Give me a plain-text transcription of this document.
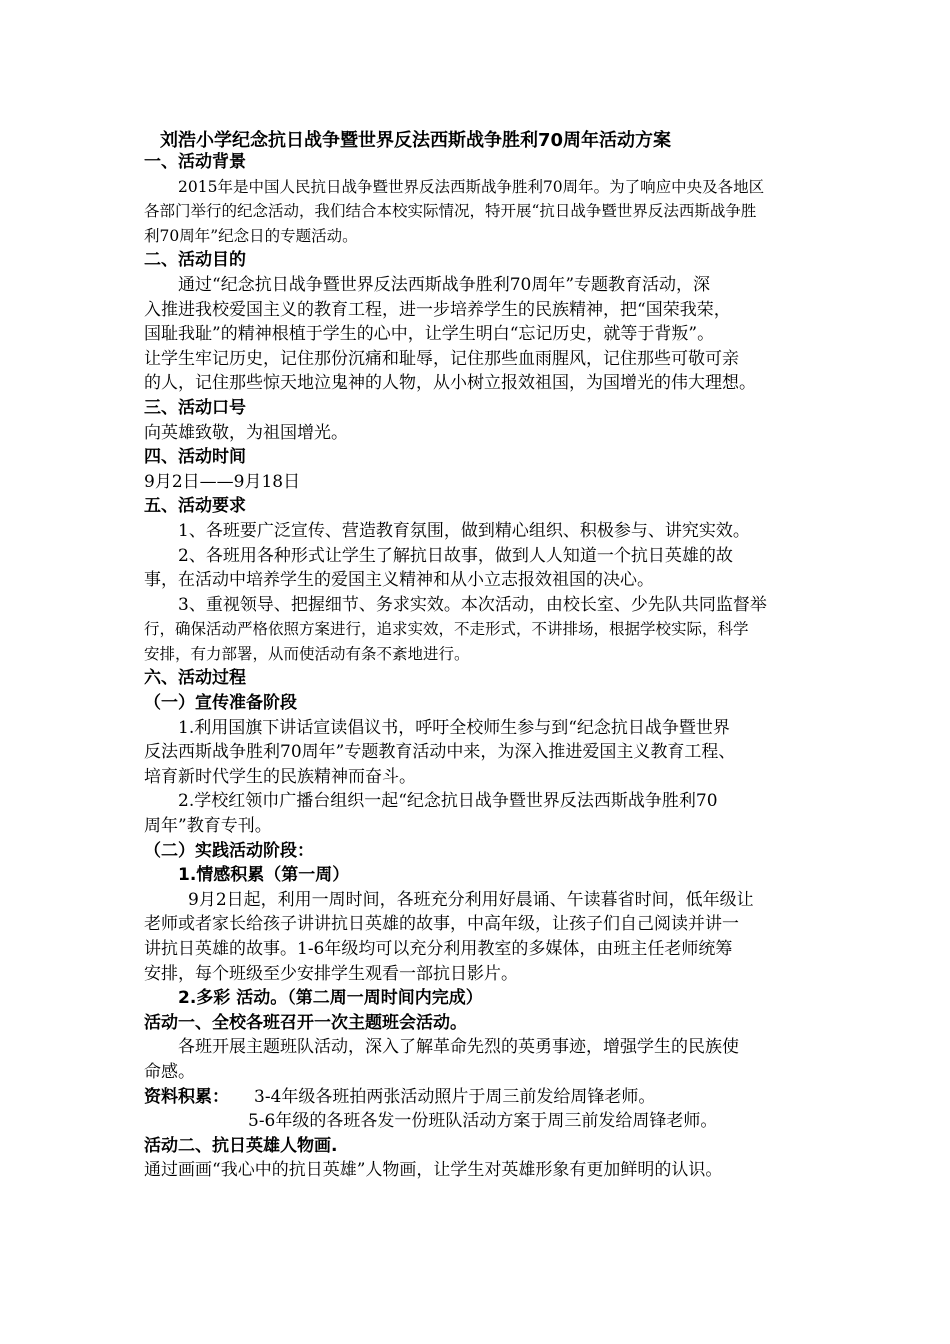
刘浩小学纪念抗日战争暨世界反法西斯战争胜利70周年活动方案
一、活动背景
2015年是中国人民抗日战争暨世界反法西斯战争胜利70周年。为了响应中央及各地区
各部门举行的纪念活动，我们结合本校实际情况，特开展“抗日战争暨世界反法西斯战争胜
利70周年”纪念日的专题活动。
二、活动目的
通过“纪念抗日战争暨世界反法西斯战争胜利70周年”专题教育活动，深
入推进我校爱国主义的教育工程，进一步培养学生的民族精神，把“国荣我荣，
国耻我耻”的精神根植于学生的心中，让学生明白“忘记历史，就等于背叛”。
让学生牢记历史，记住那份沉痛和耻辱，记住那些血雨腥风，记住那些可敬可亲
的人，记住那些惊天地泣鬼神的人物，从小树立报效祖国，为国增光的伟大理想。
三、活动口号
向英雄致敬，为祖国增光。
四、活动时间
9月2日——9月18日
五、活动要求
1、各班要广泛宣传、营造教育氛围，做到精心组织、积极参与、讲究实效。
2、各班用各种形式让学生了解抗日故事，做到人人知道一个抗日英雄的故
事，在活动中培养学生的爱国主义精神和从小立志报效祖国的决心。
3、重视领导、把握细节、务求实效。本次活动，由校长室、少先队共同监督举
行，确保活动严格依照方案进行，追求实效，不走形式，不讲排场，根据学校实际，科学
安排，有力部署，从而使活动有条不紊地进行。
六、活动过程
（一）宣传准备阶段
1.利用国旗下讲话宣读倡议书，呼吁全校师生参与到“纪念抗日战争暨世界
反法西斯战争胜利70周年”专题教育活动中来，为深入推进爱国主义教育工程、
培育新时代学生的民族精神而奋斗。
2.学校红领巾广播台组织一起“纪念抗日战争暨世界反法西斯战争胜利70
周年”教育专刊。
（二）实践活动阶段：
1.情感积累（第一周）
9月2日起，利用一周时间，各班充分利用好晨诵、午读暮省时间，低年级让
老师或者家长给孩子讲讲抗日英雄的故事，中高年级，让孩子们自己阅读并讲一
讲抗日英雄的故事。1-6年级均可以充分利用教室的多媒体，由班主任老师统筹
安排，每个班级至少安排学生观看一部抗日影片。
2.多彩 活动。（第二周一周时间内完成）
活动一、全校各班召开一次主题班会活动。
各班开展主题班队活动，深入了解革命先烈的英勇事迹，增强学生的民族使
命感。
资料积累： 3-4年级各班拍两张活动照片于周三前发给周锋老师。
5-6年级的各班各发一份班队活动方案于周三前发给周锋老师。
活动二、抗日英雄人物画.
通过画画“我心中的抗日英雄”人物画，让学生对英雄形象有更加鲜明的认识。
